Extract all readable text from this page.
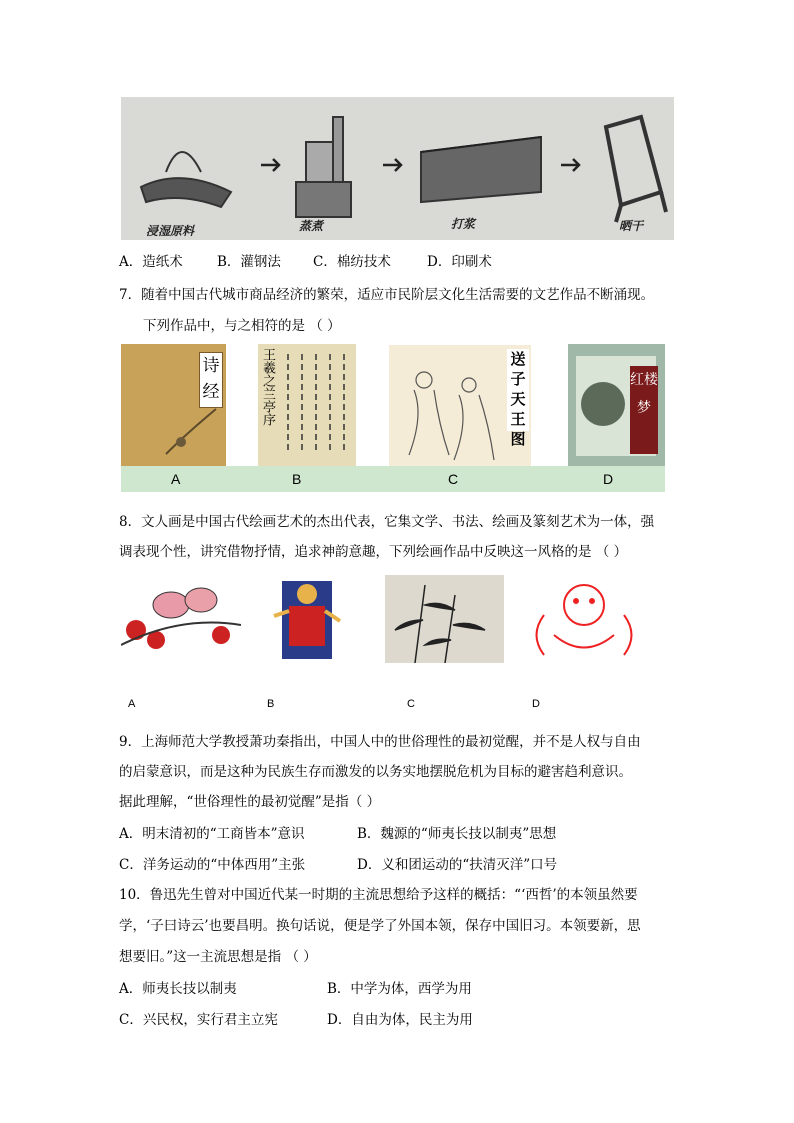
浸湿原料	蒸煮	打浆	晒干
A．造纸术	B．灌钢法 C．棉纺技术	D．印刷术
7．随着中国古代城市商品经济的繁荣，适应市民阶层文化生活需要的文艺作品不断涌现。
下列作品中，与之相符的是 （ ）
诗经	王羲之兰亭序	送子天王图
红楼梦
A	B	C	D
8．文人画是中国古代绘画艺术的杰出代表，它集文学、书法、绘画及篆刻艺术为一体，强
调表现个性，讲究借物抒情，追求神韵意趣，下列绘画作品中反映这一风格的是 （ ）
A	B	C	D
9．上海师范大学教授萧功秦指出，中国人中的世俗理性的最初觉醒，并不是人权与自由
的启蒙意识，而是这种为民族生存而激发的以务实地摆脱危机为目标的避害趋利意识。
据此理解，“世俗理性的最初觉醒”是指（ ）
A．明末清初的“工商皆本”意识	B．魏源的“师夷长技以制夷”思想
C．洋务运动的“中体西用”主张	D．义和团运动的“扶清灭洋”口号
10．鲁迅先生曾对中国近代某一时期的主流思想给予这样的概括：“‘西哲’的本领虽然要
学，‘子曰诗云’也要昌明。换句话说，便是学了外国本领，保存中国旧习。本领要新，思
想要旧。”这一主流思想是指 （ ）
A．师夷长技以制夷	B．中学为体，西学为用
C．兴民权，实行君主立宪	D．自由为体，民主为用
